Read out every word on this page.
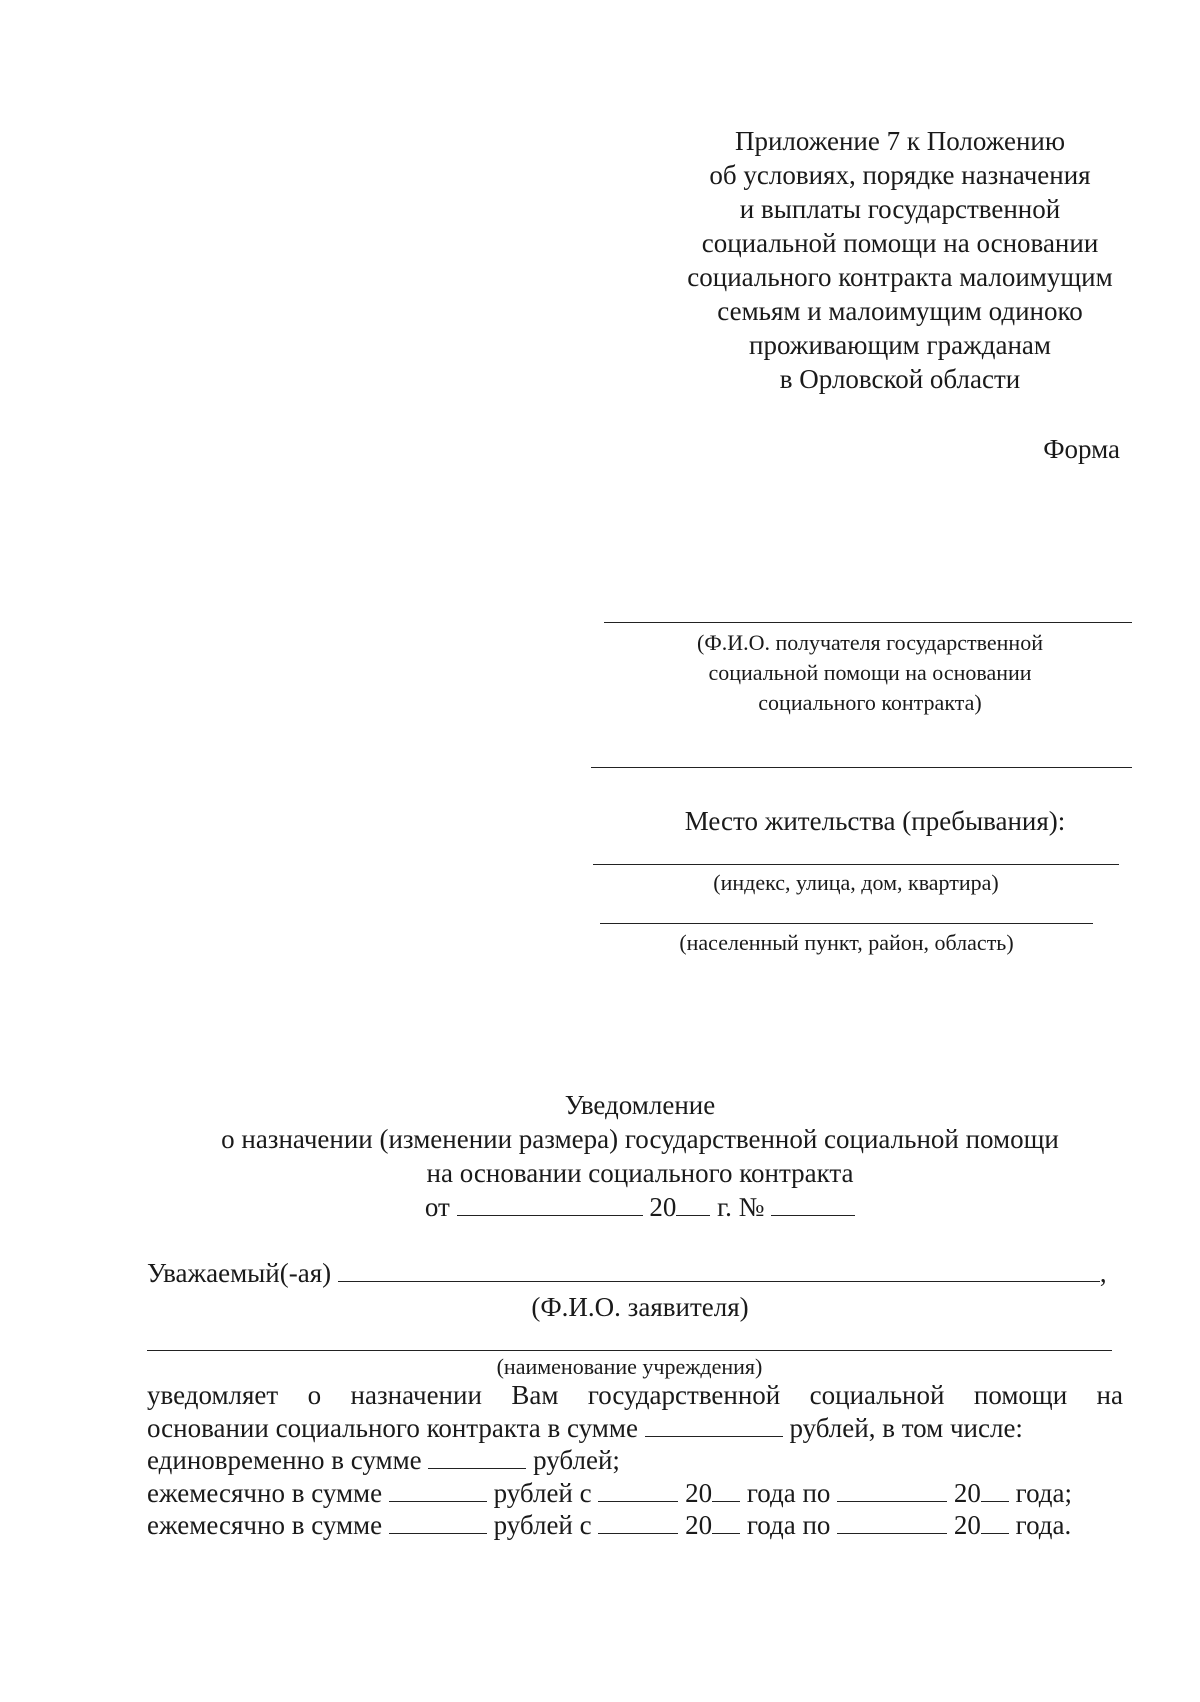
Приложение 7 к Положению
об условиях, порядке назначения
и выплаты государственной
социальной помощи на основании
социального контракта малоимущим
семьям и малоимущим одиноко
проживающим гражданам
в Орловской области
Форма
(Ф.И.О. получателя государственной
социальной помощи на основании
социального контракта)
Место жительства (пребывания):
(индекс, улица, дом, квартира)
(населенный пункт, район, область)
Уведомление
о назначении (изменении размера) государственной социальной помощи
на основании социального контракта
от	20 г. №
Уважаемый(-ая)	,
(Ф.И.О. заявителя)
(наименование учреждения)
уведомляет о назначении Вам государственной социальной помощи на
основании социального контракта в сумме	рублей, в том числе:
единовременно в сумме	рублей;
ежемесячно в сумме	рублей с	20 года по	20 года;
ежемесячно в сумме	рублей с	20 года по	20 года.
